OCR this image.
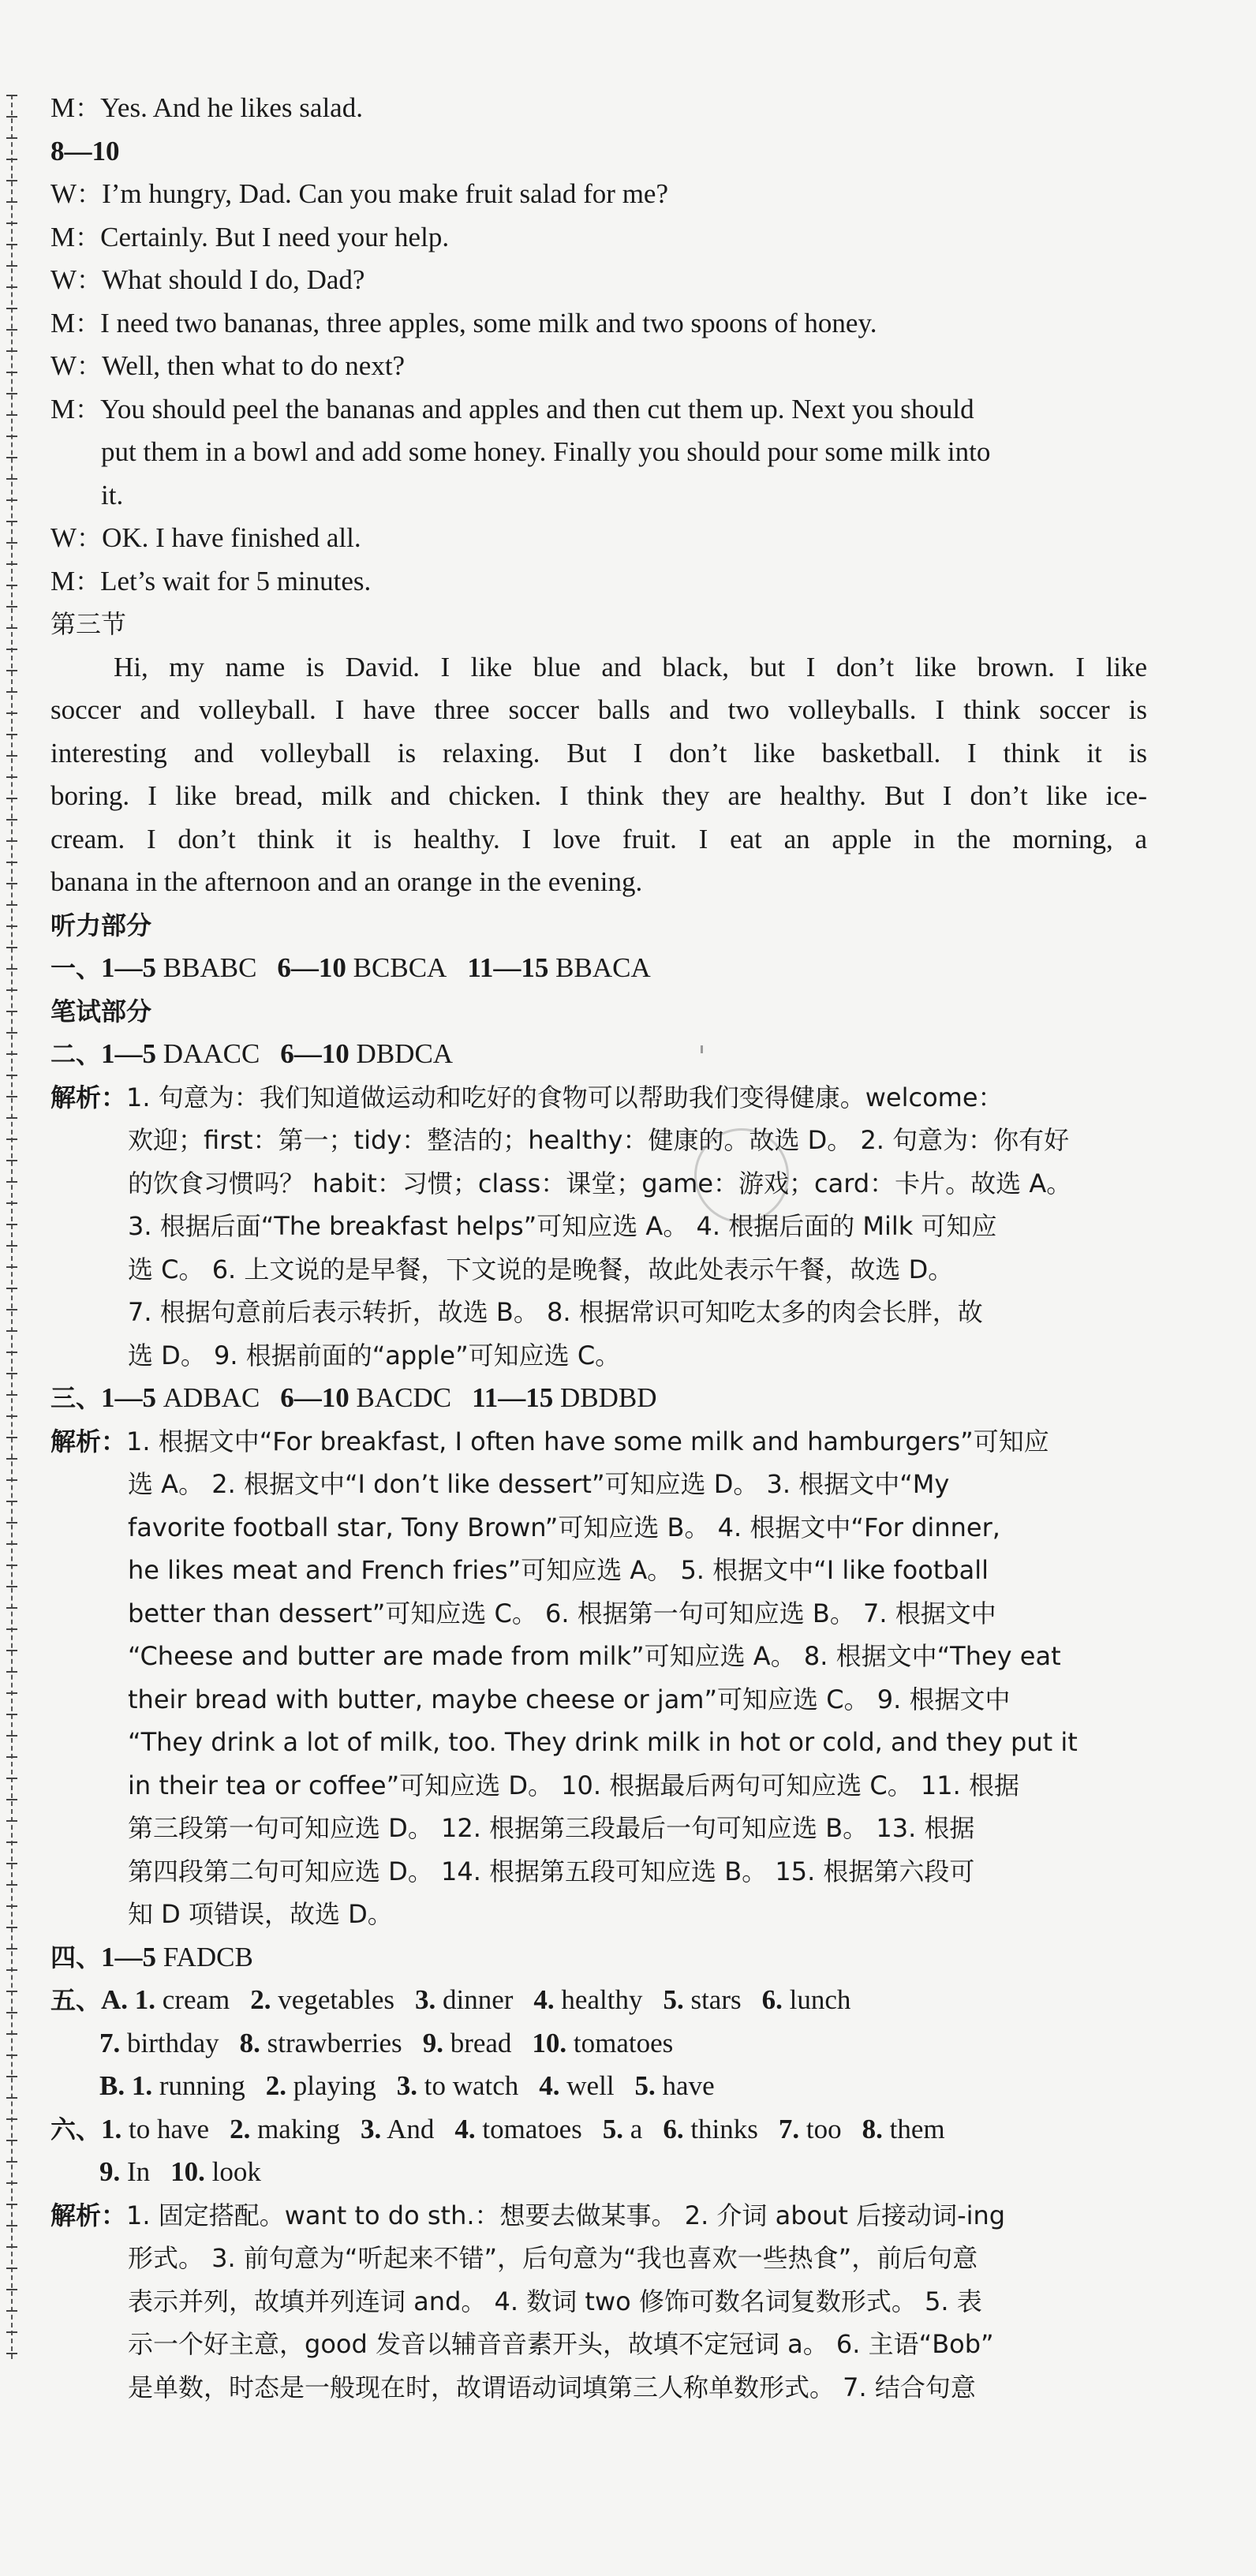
M：Yes. And he likes salad.
8—10
W：I’m hungry, Dad. Can you make fruit salad for me?
M：Certainly. But I need your help.
W：What should I do, Dad?
M：I need two bananas, three apples, some milk and two spoons of honey.
W：Well, then what to do next?
M：You should peel the bananas and apples and then cut them up. Next you should
put them in a bowl and add some honey. Finally you should pour some milk into
it.
W：OK. I have finished all.
M：Let’s wait for 5 minutes.
第三节
Hi, my name is David. I like blue and black, but I don’t like brown. I like
soccer and volleyball. I have three soccer balls and two volleyballs. I think soccer is
interesting and volleyball is relaxing. But I don’t like basketball. I think it is
boring. I like bread, milk and chicken. I think they are healthy. But I don’t like ice-
cream. I don’t think it is healthy. I love fruit. I eat an apple in the morning, a
banana in the afternoon and an orange in the evening.
听力部分
一、1—5 BBABC 6—10 BCBCA 11—15 BBACA
笔试部分
二、1—5 DAACC 6—10 DBDCA
解析：1. 句意为：我们知道做运动和吃好的食物可以帮助我们变得健康。welcome：
欢迎；first：第一；tidy：整洁的；healthy：健康的。故选 D。 2. 句意为：你有好
的饮食习惯吗？ habit：习惯；class：课堂；game：游戏；card：卡片。故选 A。
3. 根据后面“The breakfast helps”可知应选 A。 4. 根据后面的 Milk 可知应
选 C。 6. 上文说的是早餐，下文说的是晚餐，故此处表示午餐，故选 D。
7. 根据句意前后表示转折，故选 B。 8. 根据常识可知吃太多的肉会长胖，故
选 D。 9. 根据前面的“apple”可知应选 C。
三、1—5 ADBAC 6—10 BACDC 11—15 DBDBD
解析：1. 根据文中“For breakfast, I often have some milk and hamburgers”可知应
选 A。 2. 根据文中“I don’t like dessert”可知应选 D。 3. 根据文中“My
favorite football star, Tony Brown”可知应选 B。 4. 根据文中“For dinner,
he likes meat and French fries”可知应选 A。 5. 根据文中“I like football
better than dessert”可知应选 C。 6. 根据第一句可知应选 B。 7. 根据文中
“Cheese and butter are made from milk”可知应选 A。 8. 根据文中“They eat
their bread with butter, maybe cheese or jam”可知应选 C。 9. 根据文中
“They drink a lot of milk, too. They drink milk in hot or cold, and they put it
in their tea or coffee”可知应选 D。 10. 根据最后两句可知应选 C。 11. 根据
第三段第一句可知应选 D。 12. 根据第三段最后一句可知应选 B。 13. 根据
第四段第二句可知应选 D。 14. 根据第五段可知应选 B。 15. 根据第六段可
知 D 项错误，故选 D。
四、1—5 FADCB
五、A. 1. cream 2. vegetables 3. dinner 4. healthy 5. stars 6. lunch
7. birthday 8. strawberries 9. bread 10. tomatoes
B. 1. running 2. playing 3. to watch 4. well 5. have
六、1. to have 2. making 3. And 4. tomatoes 5. a 6. thinks 7. too 8. them
9. In 10. look
解析：1. 固定搭配。want to do sth.：想要去做某事。 2. 介词 about 后接动词-ing
形式。 3. 前句意为“听起来不错”，后句意为“我也喜欢一些热食”，前后句意
表示并列，故填并列连词 and。 4. 数词 two 修饰可数名词复数形式。 5. 表
示一个好主意，good 发音以辅音音素开头，故填不定冠词 a。 6. 主语“Bob”
是单数，时态是一般现在时，故谓语动词填第三人称单数形式。 7. 结合句意
